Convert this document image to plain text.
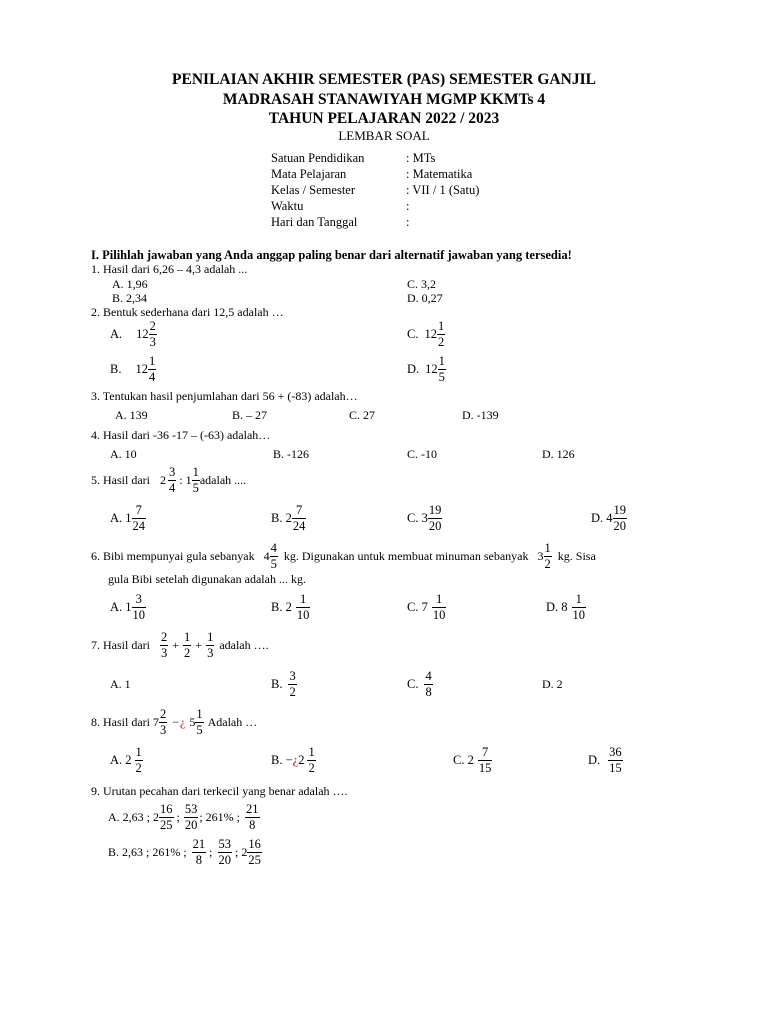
PENILAIAN AKHIR SEMESTER (PAS) SEMESTER GANJIL
MADRASAH STANAWIYAH MGMP KKMTs 4
TAHUN PELAJARAN 2022 / 2023
LEMBAR SOAL
Satuan Pendidikan	: MTs
Mata Pelajaran	: Matematika
Kelas / Semester	: VII / 1 (Satu)
Waktu	:
Hari dan Tanggal	:
I. Pilihlah jawaban yang Anda anggap paling benar dari alternatif jawaban yang tersedia!
1. Hasil dari 6,26 – 4,3 adalah ...
A. 1,96
B. 2,34
C. 3,2
D. 0,27
2. Bentuk sederhana dari 12,5 adalah …
A. $12 \frac{2}{3}$	C. $12 \frac{1}{2}$
B. $12 \frac{1}{4}$	D. $12 \frac{1}{5}$
3. Tentukan hasil penjumlahan dari 56 + (-83) adalah…
A. 139	B. – 27	C. 27	D. -139
4. Hasil dari -36 -17 – (-63) adalah…
A. 10	B. -126	C. -10	D. 126
5. Hasil dari $2 \frac{3}{4}$ : $1 \frac{1}{5}$ adalah ....
A. $1 \frac{7}{24}$	B. $2 \frac{7}{24}$	C. $3 \frac{19}{20}$	D. $4 \frac{19}{20}$
6. Bibi mempunyai gula sebanyak $4 \frac{4}{5}$ kg. Digunakan untuk membuat minuman sebanyak $3 \frac{1}{2}$ kg. Sisa
gula Bibi setelah digunakan adalah ... kg.
A. $1 \frac{3}{10}$	B. $2 \frac{1}{10}$	C. $7 \frac{1}{10}$	D. $8 \frac{1}{10}$
7. Hasil dari $\frac{2}{3} + \frac{1}{2} + \frac{1}{3}$ adalah ….
A. 1	B. $\frac{3}{2}$	C. $\frac{4}{8}$	D. 2
8. Hasil dari $7 \frac{2}{3}$ − ¿ $5 \frac{1}{5}$ Adalah …
A. $2 \frac{1}{2}$	B. − ¿ $2 \frac{1}{2}$	C. $2 \frac{7}{15}$	D. $\frac{36}{15}$
9. Urutan pecahan dari terkecil yang benar adalah ….
A. 2,63 ; $2 \frac{16}{25}$ ; $\frac{53}{20}$ ; 261% ; $\frac{21}{8}$
B. 2,63 ; 261% ; $\frac{21}{8}$ ; $\frac{53}{20}$ ; $2 \frac{16}{25}$
